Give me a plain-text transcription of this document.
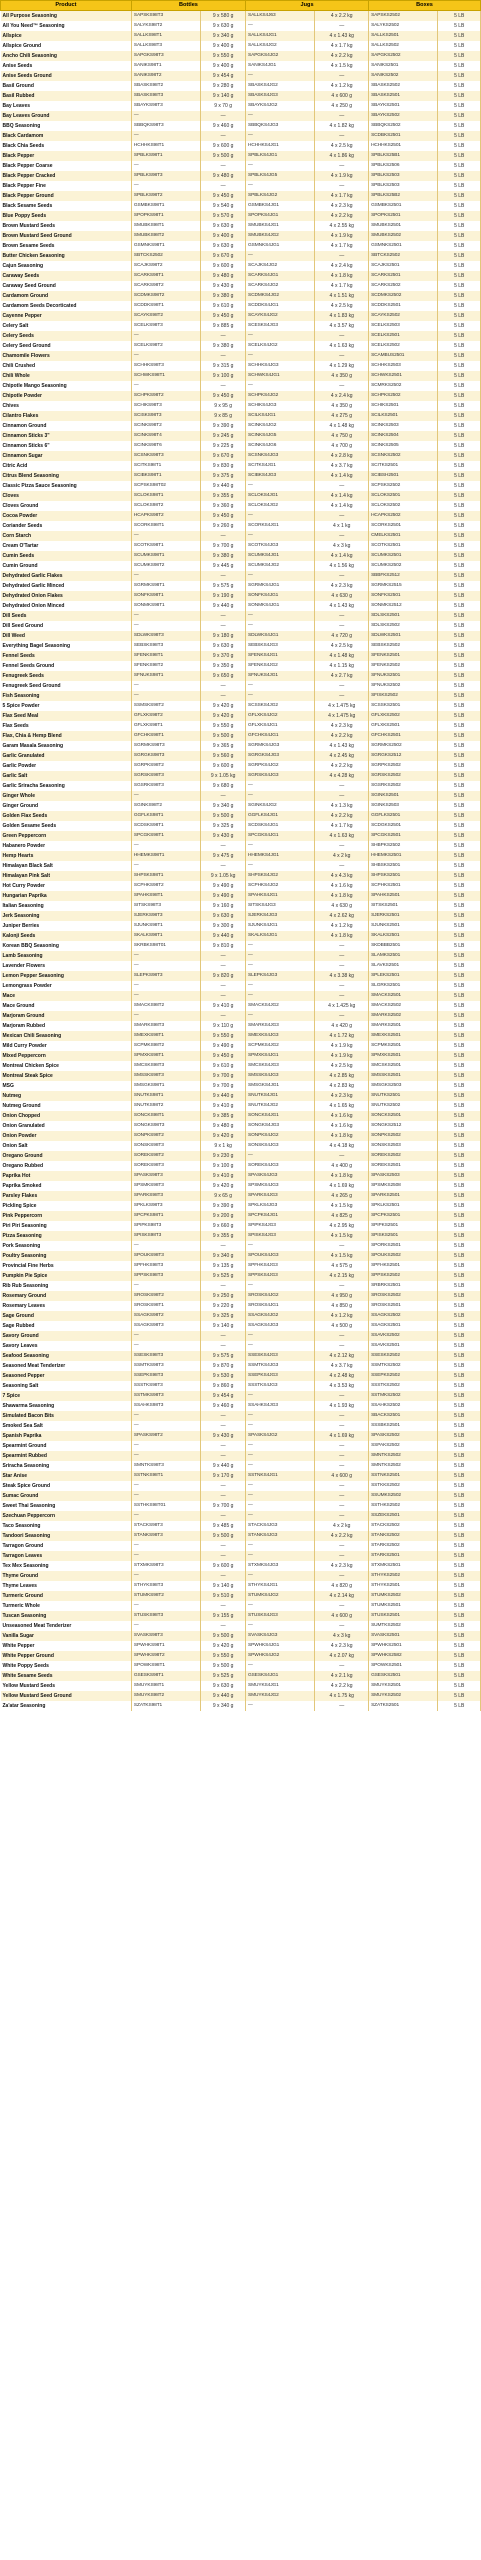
Product	Bottles		Jugs		Boxes	
All Purpose Seasoning	SAPSKS98T3	9 x 580 g	SALLKS4J63	4 x 2.2 kg	SAPSKS2502	5 LB
All You Need™ Seasoning	SALYKS98T2	9 x 630 g	—	—	SALYKS2502	5 LB
Allspice	SALLKS98T1	9 x 340 g	SALLKS4JG1	4 x 1.43 kg	SALLKS2501	5 LB
Allspice Ground	SALLKS98T3	9 x 400 g	SALLKS4JG2	4 x 1.7 kg	SALLKS2502	5 LB
Ancho Chili Seasoning	SAPGKS98T3	9 x 550 g	SAPGKS4JG2	4 x 2.2 kg	SAPGKS2502	5 LB
Anise Seeds	SANIKS98T1	9 x 400 g	SANIKS4JG1	4 x 1.5 kg	SANIKS2501	5 LB
Anise Seeds Ground	SANIKS98T2	9 x 454 g	—	—	SANIKS2502	5 LB
Basil Ground	SBASKS98T2	9 x 280 g	SBASKS4JG2	4 x 1.2 kg	SBASKS2502	5 LB
Basil Rubbed	SBASKS98T3	9 x 140 g	SBASKS4JG3	4 x 600 g	SBASKS2501	5 LB
Bay Leaves	SBAYKS98T3	9 x 70 g	SBAYKS4JG2	4 x 250 g	SBAYKS2501	5 LB
Bay Leaves Ground	—	—	—	—	SBAYKS2502	5 LB
BBQ Seasoning	SBBQKS98T3	9 x 460 g	SBBQKS4JG3	4 x 1.82 kg	SBBQKS2502	5 LB
Black Cardamom	—	—	—	—	SCDBKS2501	5 LB
Black Chia Seeds	HCHHKS98T1	9 x 600 g	HCHHKS4JG1	4 x 2.5 kg	HCHHKS2501	5 LB
Black Pepper	SPBLKS98T1	9 x 500 g	SPBLKS4JG1	4 x 1.86 kg	SPBLKS25B1	5 LB
Black Pepper Coarse	—	—	—	—	SPBLKS2506	5 LB
Black Pepper Cracked	SPBLKS98T3	9 x 480 g	SPBLKS4JG5	4 x 1.9 kg	SPBLKS2503	5 LB
Black Pepper Fine	—	—	—	—	SPBLKS2503	5 LB
Black Pepper Ground	SPBLKS98T2	9 x 450 g	SPBLKS4JG2	4 x 1.7 kg	SPBLKS25B2	5 LB
Black Sesame Seeds	GSMBKS98T1	9 x 540 g	GSMBKS4JG1	4 x 2.3 kg	GSMBKS2501	5 LB
Blue Poppy Seeds	SPOPKS98T1	9 x 570 g	SPOPKS4JG1	4 x 2.2 kg	SPOPKS2501	5 LB
Brown Mustard Seeds	SMUBKS98T1	9 x 630 g	SMUBKS4JG1	4 x 2.55 kg	SMUBKS2501	5 LB
Brown Mustard Seed Ground	SMUBKS98T2	9 x 400 g	SMUBKS4JG2	4 x 1.9 kg	SMUBKS2502	5 LB
Brown Sesame Seeds	GSMNKS98T1	9 x 630 g	GSMNKS4JG1	4 x 1.7 kg	GSMNKS2501	5 LB
Butter Chicken Seasoning	SBTCKS2502	9 x 670 g	—	—	SBTCKS2502	5 LB
Cajun Seasoning	SCAJKS98T2	9 x 600 g	SCAJKS4JG2	4 x 2.4 kg	SCAJKS2501	5 LB
Caraway Seeds	SCARKS98T1	9 x 480 g	SCARKS4JG1	4 x 1.8 kg	SCARKS2501	5 LB
Caraway Seed Ground	SCARKS98T2	9 x 430 g	SCARKS4JG2	4 x 1.7 kg	SCARKS2502	5 LB
Cardamom Ground	SCDMKS98T2	9 x 380 g	SCDMKS4JG2	4 x 1.51 kg	SCDMKS2502	5 LB
Cardamom Seeds Decorticated	SCDDKS98T1	9 x 610 g	SCDDKS4JG1	4 x 2.5 kg	SCDDKS2501	5 LB
Cayenne Pepper	SCAYKS98T2	9 x 450 g	SCAYKS4JG2	4 x 1.83 kg	SCAYKS2502	5 LB
Celery Salt	SCELKS98T3	9 x 885 g	SCESKS4JG3	4 x 3.57 kg	SCELKS2503	5 LB
Celery Seeds	—	—	—	—	SCELKS2501	5 LB
Celery Seed Ground	SCELKS98T2	9 x 380 g	SCELKS4JG2	4 x 1.63 kg	SCELKS2502	5 LB
Chamomile Flowers	—	—	—	—	SCAMBUS2501	5 LB
Chili Crushed	SCHHKS98T3	9 x 315 g	SCHHKS4JG3	4 x 1.29 kg	SCHHKS2503	5 LB
Chili Whole	SCHWKS98T1	9 x 100 g	SCHWKS4JG1	4 x 350 g	SCHWKS2501	5 LB
Chipotle Mango Seasoning	—	—	—	—	SCMRKS2502	5 LB
Chipotle Powder	SCHPKS98T2	9 x 450 g	SCHPKS4JG2	4 x 2.4 kg	SCHPKS2502	5 LB
Chives	SCHIKS98T3	9 x 95 g	SCHIKS4JG3	4 x 350 g	SCHIKS2501	5 LB
Cilantro Flakes	SCISKS98T3	9 x 85 g	SCILKS4JG1	4 x 275 g	SCILKS2501	5 LB
Cinnamon Ground	SCINKS98T2	9 x 390 g	SCINKS4JG2	4 x 1.48 kg	SCINKS2503	5 LB
Cinnamon Sticks 3"	SCINKS98T4	9 x 245 g	SCINKS4JG5	4 x 750 g	SCINKS2504	5 LB
Cinnamon Sticks 6"	SCINKS98T6	9 x 225 g	SCINKS4JG6	4 x 700 g	SCINKS2505	5 LB
Cinnamon Sugar	SCSNKS98T3	9 x 670 g	SCSNKS4JG3	4 x 2.8 kg	SCSNKS2502	5 LB
Citric Acid	SCITKS98T1	9 x 830 g	SCITKS4JG1	4 x 3.7 kg	SCITKS2501	5 LB
Citrus Blend Seasoning	SCIBKS98T1	9 x 375 g	SCIBKS4JG3	4 x 1.4 kg	SCIBSH2501	5 LB
Classic Pizza Sauce Seasoning	SCPSKS98T02	9 x 440 g	—	—	SCPSKS2502	5 LB
Cloves	SCLOKS98T1	9 x 355 g	SCLOKS4JG1	4 x 1.4 kg	SCLOKS2501	5 LB
Cloves Ground	SCLOKS98T2	9 x 360 g	SCLOKS4JG2	4 x 1.4 kg	SCLOKS2502	5 LB
Cocoa Powder	HCAPKS98T2	9 x 450 g	—	—	HCAPKS2502	5 LB
Coriander Seeds	SCORKS98T1	9 x 260 g	SCORKS4JG1	4 x 1 kg	SCORKS2501	5 LB
Corn Starch	—	—	—	—	CMELKS2501	5 LB
Cream O'Tartar	SCOTKS98T1	9 x 700 g	SCOTKS4JG3	4 x 3 kg	SCOTKS2501	5 LB
Cumin Seeds	SCUMKS98T1	9 x 380 g	SCUMKS4JG1	4 x 1.4 kg	SCUMKS2501	5 LB
Cumin Ground	SCUMKS98T2	9 x 445 g	SCUMKS4JG2	4 x 1.56 kg	SCUMKS2502	5 LB
Dehydrated Garlic Flakes	—	—	—	—	SBBFKS2512	5 LB
Dehydrated Garlic Minced	SGRMKS98T1	9 x 575 g	SGRMKS4JG1	4 x 2.3 kg	SGRMKS2515	5 LB
Dehydrated Onion Flakes	SONFKS98T1	9 x 190 g	SONFKS4JG1	4 x 630 g	SONFKS2501	5 LB
Dehydrated Onion Minced	SONMKS98T1	9 x 440 g	SONMKS4JG1	4 x 1.43 kg	SONMKS2512	5 LB
Dill Seeds	—	—	—	—	SDLSKS2501	5 LB
Dill Seed Ground	—	—	—	—	SDLSKS2502	5 LB
Dill Weed	SDLWKS98T3	9 x 180 g	SDLWKS4JG1	4 x 720 g	SDLWKS2501	5 LB
Everything Bagel Seasoning	SEBSKS98T3	9 x 630 g	SEBSKS4JG3	4 x 2.5 kg	SEBSKS2502	5 LB
Fennel Seeds	SFENKS98T1	9 x 370 g	SFENKS4JG1	4 x 1.48 kg	SFENKS2501	5 LB
Fennel Seeds Ground	SFENKS98T2	9 x 350 g	SFENKS4JG2	4 x 1.15 kg	SFENKS2502	5 LB
Fenugreek Seeds	SFNUKS98T1	9 x 650 g	SFNUKS4JG1	4 x 2.7 kg	SFNUKS2501	5 LB
Fenugreek Seed Ground	—	—	—	—	SFNUKS2502	5 LB
Fish Seasoning	—	—	—	—	SFISKS2502	5 LB
5 Spice Powder	SSMSKS98T2	9 x 420 g	SCSSKS4JG2	4 x 1.475 kg	SCSSKS2501	5 LB
Flax Seed Meal	GFLXKS98T2	9 x 420 g	GFLXKS4JG2	4 x 1.475 kg	GFLXKS2502	5 LB
Flax Seeds	GFLXKS98T1	9 x 550 g	GFLXKS4JG1	4 x 2.3 kg	GFLXKS2501	5 LB
Flax, Chia & Hemp Blend	GFCHKS98T1	9 x 500 g	GFCHKS4JG1	4 x 2.2 kg	GFCHKS2501	5 LB
Garam Masala Seasoning	SGRMKS98T3	9 x 365 g	SGRMKS4JG3	4 x 1.43 kg	SGRMKS2502	5 LB
Garlic Granulated	SGRGKS98T3	9 x 560 g	SGRGKS4JG3	4 x 2.45 kg	SGRGKS2512	5 LB
Garlic Powder	SGRPKS98T2	9 x 600 g	SGRPKS4JG2	4 x 2.2 kg	SGRPKS2502	5 LB
Garlic Salt	SGRSKS98T3	9 x 1.05 kg	SGRSKS4JG3	4 x 4.28 kg	SGRSKS2502	5 LB
Garlic Sriracha Seasoning	SGSRKS98T3	9 x 680 g	—	—	SGSRKS2502	5 LB
Ginger Whole	—	—	—	—	SGINKS2501	5 LB
Ginger Ground	SGINKS98T2	9 x 340 g	SGINKS4JG2	4 x 1.3 kg	SGINKS2503	5 LB
Golden Flax Seeds	GGFLKS98T1	9 x 500 g	GGFLKS4JG1	4 x 2.2 kg	GGFLKS2501	5 LB
Golden Sesame Seeds	SCDSKS98T1	9 x 325 g	SCDSKS4JG1	4 x 1.7 kg	SCDGKS2501	5 LB
Green Peppercorn	SPCGKS98T1	9 x 430 g	SPCGKS4JG1	4 x 1.63 kg	SPCGKS2501	5 LB
Habanero Powder	—	—	—	—	SHBPKS2502	5 LB
Hemp Hearts	HHEMKS98T1	9 x 475 g	HHEMKS4JG1	4 x 2 kg	HHEMKS2501	5 LB
Himalayan Black Salt	—	—	—	—	SHBSKS2501	5 LB
Himalayan Pink Salt	SHPSKS98T1	9 x 1.05 kg	SHPSKS4JG2	4 x 4.3 kg	SHPSKS2501	5 LB
Hot Curry Powder	SCPHKS98T2	9 x 490 g	SCPHKS4JG2	4 x 1.6 kg	SCPHKS2501	5 LB
Hungarian Paprika	SPAHKS98T1	9 x 490 g	SPAHKS4JG1	4 x 1.8 kg	SPAHKS2501	5 LB
Italian Seasoning	SITSKS98T3	9 x 160 g	SITSKS4JG3	4 x 630 g	SITSKS2501	5 LB
Jerk Seasoning	SJERKS98T3	9 x 630 g	SJERKS4JG3	4 x 2.62 kg	SJERKS2501	5 LB
Juniper Berries	SJUNKS98T1	9 x 300 g	SJUNKS4JG1	4 x 1.2 kg	SJUNKS2501	5 LB
Kalonji Seeds	SKALKS98T1	9 x 440 g	SKALKS4JG1	4 x 1.8 kg	SKALKS2501	5 LB
Korean BBQ Seasoning	SKRBKS98T01	9 x 810 g	—	—	SKDBBB2501	5 LB
Lamb Seasoning	—	—	—	—	SLAMKS2501	5 LB
Lavender Flowers	—	—	—	—	SLAVKS2501	5 LB
Lemon Pepper Seasoning	SLEPKS98T3	9 x 820 g	SLEPKS4JG3	4 x 3.38 kg	SPLEKS2501	5 LB
Lemongrass Powder	—	—	—	—	SLGRKS2501	5 LB
Mace	—	—	—	—	SMACKS2501	5 LB
Mace Ground	SMACKS98T2	9 x 410 g	SMACKS4JG2	4 x 1.425 kg	SMACKS2502	5 LB
Marjoram Ground	—	—	—	—	SMARKS2502	5 LB
Marjoram Rubbed	SMARKS98T3	9 x 110 g	SMARKS4JG3	4 x 420 g	SMARKS2501	5 LB
Mexican Chili Seasoning	SMEXKS98T1	9 x 550 g	SMEXKS4JG3	4 x 1.72 kg	SMEXKS2501	5 LB
Mild Curry Powder	SCPMKS98T2	9 x 490 g	SCPMKS4JG2	4 x 1.9 kg	SCPMKS2501	5 LB
Mixed Peppercorn	SPMXKS98T1	9 x 450 g	SPMXKS4JG1	4 x 1.9 kg	SPMXKS2501	5 LB
Montreal Chicken Spice	SMCSKS98T3	9 x 610 g	SMCSKS4JG3	4 x 2.5 kg	SMCSKS2501	5 LB
Montreal Steak Spice	SMSSKS98T3	9 x 700 g	SMSSKS4JG3	4 x 2.85 kg	SMSSKS2501	5 LB
MSG	SMSGKS98T1	9 x 700 g	SMSGKS4JG1	4 x 2.83 kg	SMSGKS2503	5 LB
Nutmeg	SNUTKS98T1	9 x 440 g	SNUTKS4JG1	4 x 2.3 kg	SNUTKS2501	5 LB
Nutmeg Ground	SNUTKS98T2	9 x 410 g	SNUTKS4JG2	4 x 1.65 kg	SNUTKS2502	5 LB
Onion Chopped	SONCKS98T1	9 x 385 g	SONCKS4JG1	4 x 1.6 kg	SONCKS2501	5 LB
Onion Granulated	SONGKS98T3	9 x 480 g	SONGKS4JG3	4 x 1.6 kg	SONGKS2512	5 LB
Onion Powder	SONPKS98T2	9 x 420 g	SONPKS4JG2	4 x 1.8 kg	SONPKS2502	5 LB
Onion Salt	SONSKS98T3	9 x 1 kg	SONSKS4JG3	4 x 4.18 kg	SONSKS2503	5 LB
Oregano Ground	SOREKS98T2	9 x 230 g	—	—	SOREKS2502	5 LB
Oregano Rubbed	SOREKS98T3	9 x 100 g	SOREKS4JG3	4 x 400 g	SOREKS2501	5 LB
Paprika Hot	SPASKS98T3	9 x 410 g	SPASKS4JG3	4 x 1.8 kg	SPASKS2503	5 LB
Paprika Smoked	SPSMKS98T3	9 x 420 g	SPSMKS4JG3	4 x 1.69 kg	SPSMKS2508	5 LB
Parsley Flakes	SPARKS98T3	9 x 65 g	SPARKS4JG3	4 x 265 g	SPARKS2501	5 LB
Pickling Spice	SPKLKS98T3	9 x 390 g	SPKLKS4JG3	4 x 1.5 kg	SPKLKS2501	5 LB
Pink Peppercorn	SPCPKS98T1	9 x 200 g	SPCPKS4JG1	4 x 825 g	SPCPKS2501	5 LB
Piri Piri Seasoning	SPIPKS98T3	9 x 660 g	SPIPKS4JG3	4 x 2.95 kg	SPIPKS2501	5 LB
Pizza Seasoning	SPISKS98T3	9 x 355 g	SPISKS4JG3	4 x 1.5 kg	SPISKS2501	5 LB
Pork Seasoning	—	—	—	—	SPORKS2501	5 LB
Poultry Seasoning	SPOUKS98T3	9 x 340 g	SPOUKS4JG3	4 x 1.5 kg	SPOUKS2502	5 LB
Provincial Fine Herbs	SPFHKS98T3	9 x 135 g	SPFHKS4JG3	4 x 575 g	SPFHKS2501	5 LB
Pumpkin Pie Spice	SPPSKS98T3	9 x 525 g	SPPSKS4JG3	4 x 2.15 kg	SPPSKS2502	5 LB
Rib Rub Seasoning	—	—	—	—	SRBRKS2501	5 LB
Rosemary Ground	SROSKS98T2	9 x 250 g	SROSKS4JG2	4 x 950 g	SROSKS2502	5 LB
Rosemary Leaves	SROSKS98T1	9 x 220 g	SROSKS4JG1	4 x 850 g	SROSKS2501	5 LB
Sage Ground	SSAGKS98T2	9 x 325 g	SSAGKS4JG2	4 x 1.2 kg	SSAGKS2502	5 LB
Sage Rubbed	SSAGKS98T3	9 x 140 g	SSAGKS4JG3	4 x 500 g	SSAGKS2501	5 LB
Savory Ground	—	—	—	—	SSAVKS2502	5 LB
Savory Leaves	—	—	—	—	SSAVKS2501	5 LB
Seafood Seasoning	SSESKS98T3	9 x 575 g	SSESKS4JG3	4 x 2.12 kg	SSESKS2502	5 LB
Seasoned Meat Tenderizer	SSMTKS98T3	9 x 870 g	SSMTKS4JG3	4 x 3.7 kg	SSMTKS2502	5 LB
Seasoned Pepper	SSEPKS98T3	9 x 530 g	SSEPKS4JG3	4 x 2.48 kg	SSEPKS2502	5 LB
Seasoning Salt	SSSTKS98T3	9 x 860 g	SSSTKS4JG3	4 x 3.53 kg	SSSTKS2502	5 LB
7 Spice	SSTMKS98T3	9 x 454 g	—	—	SSTMKS2502	5 LB
Shawarma Seasoning	SSAHKS98T3	9 x 460 g	SSAHKS4JG3	4 x 1.93 kg	SSAHKS2502	5 LB
Simulated Bacon Bits	—	—	—	—	SBACKS2501	5 LB
Smoked Sea Salt	—	—	—	—	SSSBKS2501	5 LB
Spanish Paprika	SPASKS98T2	9 x 430 g	SPASKS4JG2	4 x 1.69 kg	SPASKS2502	5 LB
Spearmint Ground	—	—	—	—	SSPAKS2502	5 LB
Spearmint Rubbed	—	—	—	—	SMNTKS2502	5 LB
Sriracha Seasoning	SMNTKS98T3	9 x 440 g	—	—	SMNTKS2502	5 LB
Star Anise	SSTNKS98T1	9 x 170 g	SSTNKS4JG1	4 x 600 g	SSTNKS2501	5 LB
Steak Spice Ground	—	—	—	—	SSTKKS2502	5 LB
Sumac Ground	—	—	—	—	SSUMKS2502	5 LB
Sweet Thai Seasoning	SSTHKS98T01	9 x 700 g	—	—	SSTHKS2502	5 LB
Szechuan Peppercorn	—	—	—	—	SSZEKS2501	5 LB
Taco Seasoning	STACKS98T3	9 x 485 g	STACKS4JG3	4 x 2 kg	STACKS2502	5 LB
Tandoori Seasoning	STANKS98T3	9 x 500 g	STANKS4JG3	4 x 2.2 kg	STANKS2502	5 LB
Tarragon Ground	—	—	—	—	STARKS2502	5 LB
Tarragon Leaves	—	—	—	—	STARKS2501	5 LB
Tex Mex Seasoning	STXMKS98T3	9 x 600 g	STXMKS4JG3	4 x 2.3 kg	STXMKS2501	5 LB
Thyme Ground	—	—	—	—	STHYKS2502	5 LB
Thyme Leaves	STHYKS98T3	9 x 140 g	STHYKS4JG1	4 x 820 g	STHYKS2501	5 LB
Turmeric Ground	STUMKS98T2	9 x 510 g	STUMKS4JG2	4 x 2.14 kg	STUMKS2502	5 LB
Turmeric Whole	—	—	—	—	STUMKS2501	5 LB
Tuscan Seasoning	STUSKS98T3	9 x 155 g	STUSKS4JG3	4 x 600 g	STUSKS2501	5 LB
Unseasoned Meat Tenderizer	—	—	—	—	SUMTKS2502	5 LB
Vanilla Sugar	SVASKS98T3	9 x 500 g	SVASKS4JG3	4 x 3 kg	SVASKS2501	5 LB
White Pepper	SPWHKS98T1	9 x 420 g	SPWHKS4JG1	4 x 2.3 kg	SPWHKS2501	5 LB
White Pepper Ground	SPWHKS98T2	9 x 550 g	SPWHKS4JG2	4 x 2.07 kg	SPWHKS2582	5 LB
White Poppy Seeds	SPOWKS98T1	9 x 500 g	—	—	SPOWKS2501	5 LB
White Sesame Seeds	GSESKS98T1	9 x 525 g	GSESKS4JG1	4 x 2.1 kg	GSESKS2501	5 LB
Yellow Mustard Seeds	SMUYKS98T1	9 x 630 g	SMUYKS4JG1	4 x 2.2 kg	SMUYKS2501	5 LB
Yellow Mustard Seed Ground	SMUYKS98T2	9 x 440 g	SMUYKS4JG2	4 x 1.75 kg	SMUYKS2502	5 LB
Za'atar Seasoning	SZATKS98T1	9 x 340 g	—	—	SZATKS2501	5 LB
